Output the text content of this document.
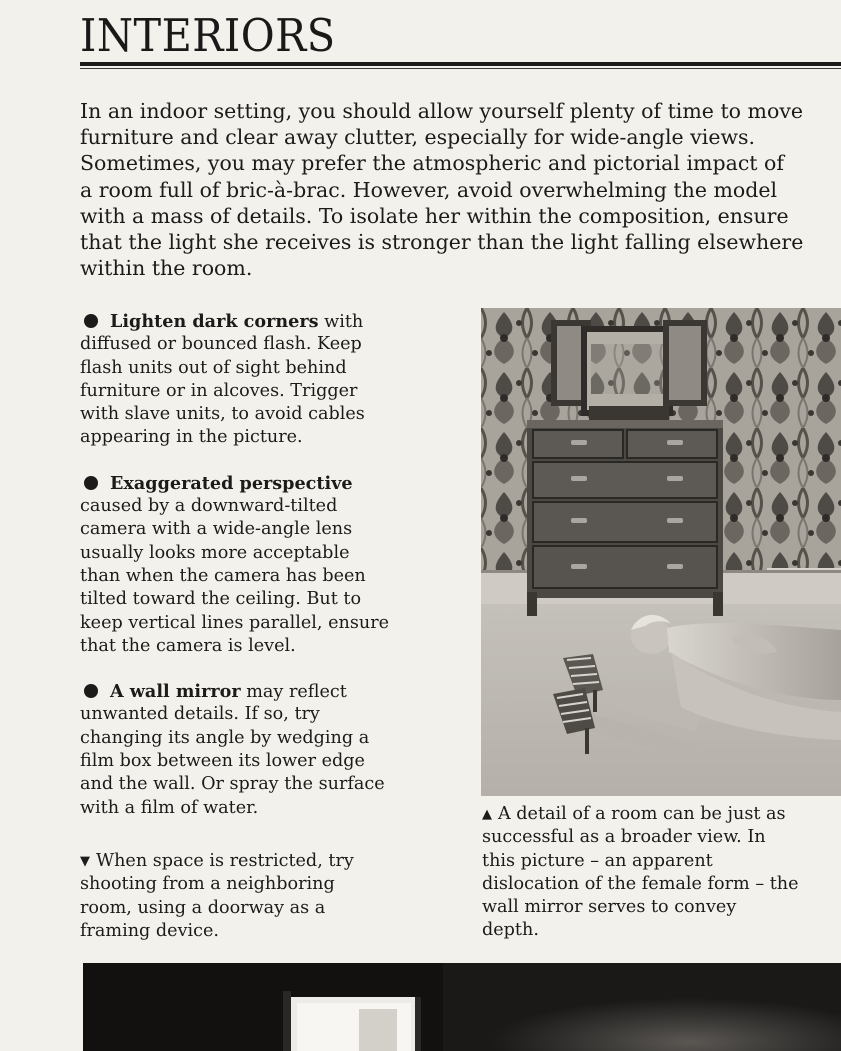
INTERIORS
In an indoor setting, you should allow yourself plenty of time to move
furniture and clear away clutter, especially for wide-angle views.
Sometimes, you may prefer the atmospheric and pictorial impact of
a room full of bric-à-brac. However, avoid overwhelming the model
with a mass of details. To isolate her within the composition, ensure
that the light she receives is stronger than the light falling elsewhere
within the room.
Lighten dark corners with
diffused or bounced flash. Keep
flash units out of sight behind
furniture or in alcoves. Trigger
with slave units, to avoid cables
appearing in the picture.
Exaggerated perspective
caused by a downward-tilted
camera with a wide-angle lens
usually looks more acceptable
than when the camera has been
tilted toward the ceiling. But to
keep vertical lines parallel, ensure
that the camera is level.
A wall mirror may reflect
unwanted details. If so, try
changing its angle by wedging a
film box between its lower edge
and the wall. Or spray the surface
with a film of water.
▼ When space is restricted, try
shooting from a neighboring
room, using a doorway as a
framing device.
▲ A detail of a room can be just as
successful as a broader view. In
this picture – an apparent
dislocation of the female form – the
wall mirror serves to convey
depth.
